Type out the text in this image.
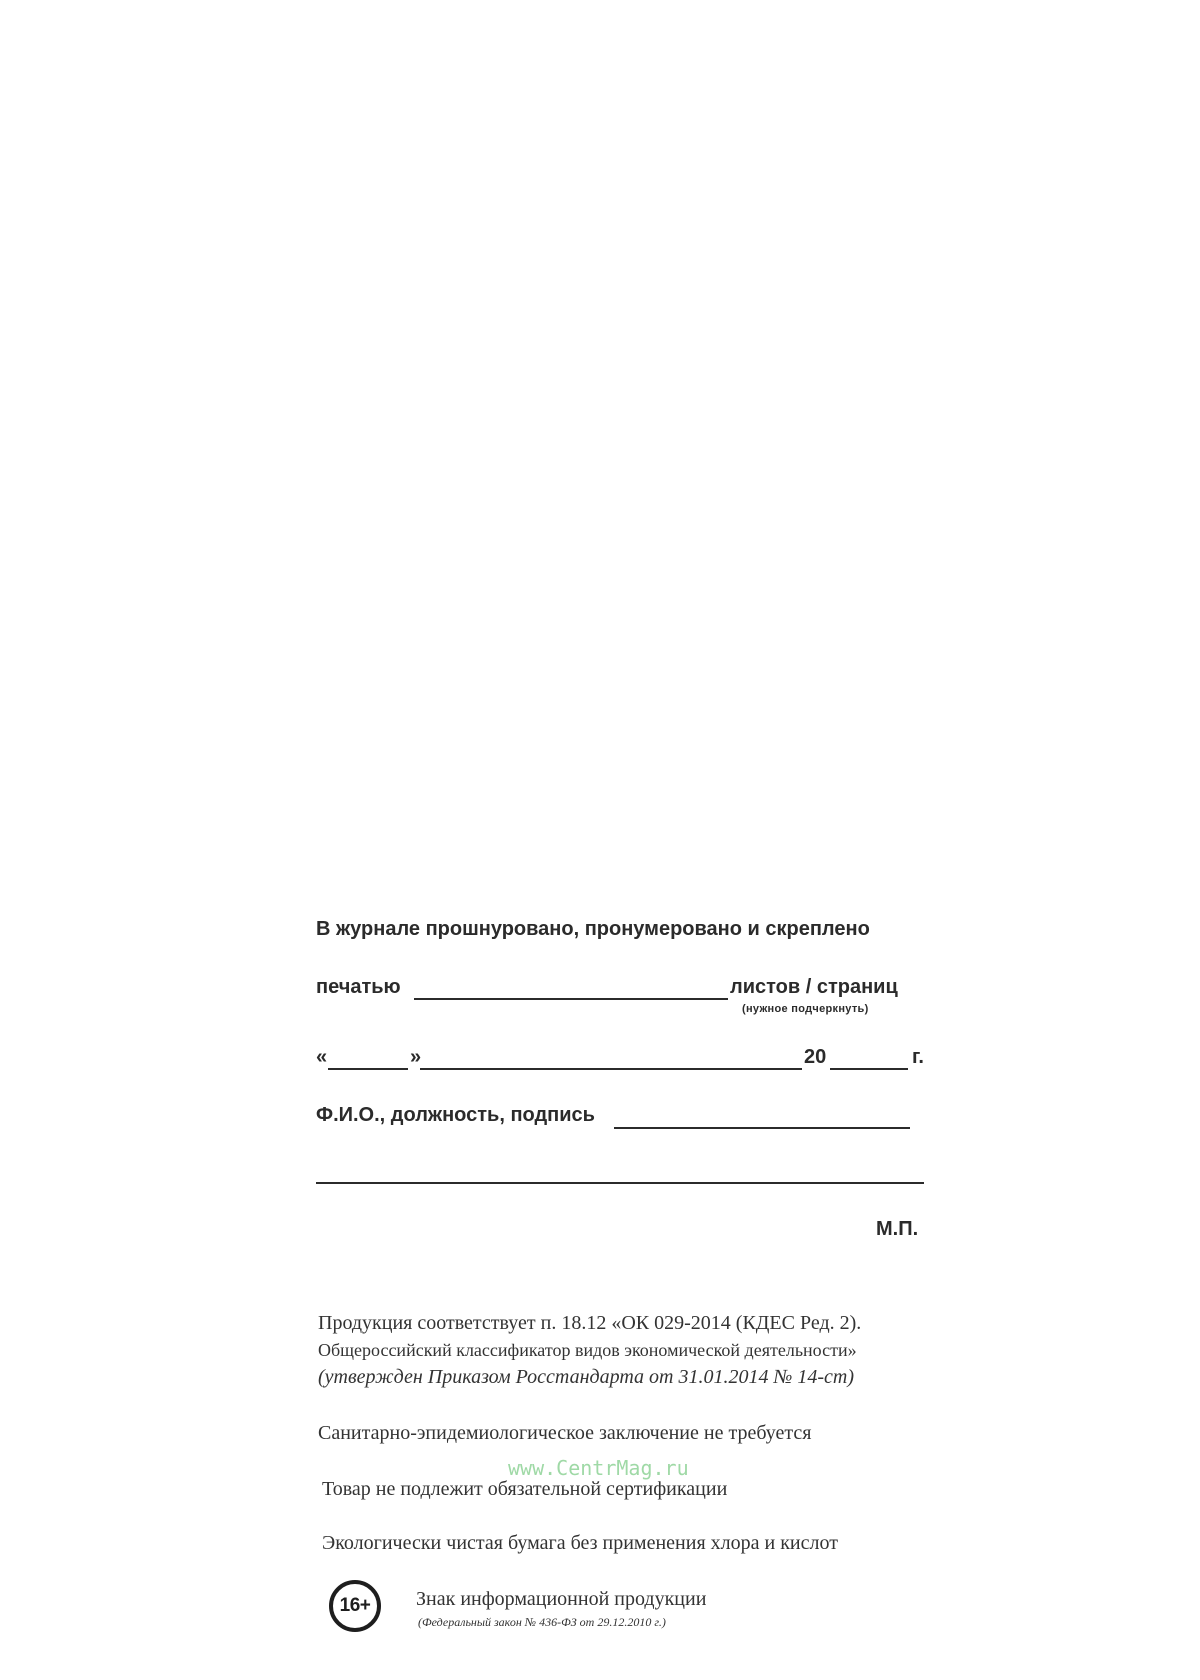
В журнале прошнуровано, пронумеровано и скреплено
печатью	листов / страниц
(нужное подчеркнуть)
«	»	20	г.
Ф.И.О., должность, подпись
М.П.
Продукция соответствует п. 18.12 «ОК 029-2014 (КДЕС Ред. 2).
Общероссийский классификатор видов экономической деятельности»
(утвержден Приказом Росстандарта от 31.01.2014 № 14-ст)
Санитарно-эпидемиологическое заключение не требуется
www.CentrMag.ru
Товар не подлежит обязательной сертификации
Экологически чистая бумага без применения хлора и кислот
16+	Знак информационной продукции
(Федеральный закон № 436-ФЗ от 29.12.2010 г.)
